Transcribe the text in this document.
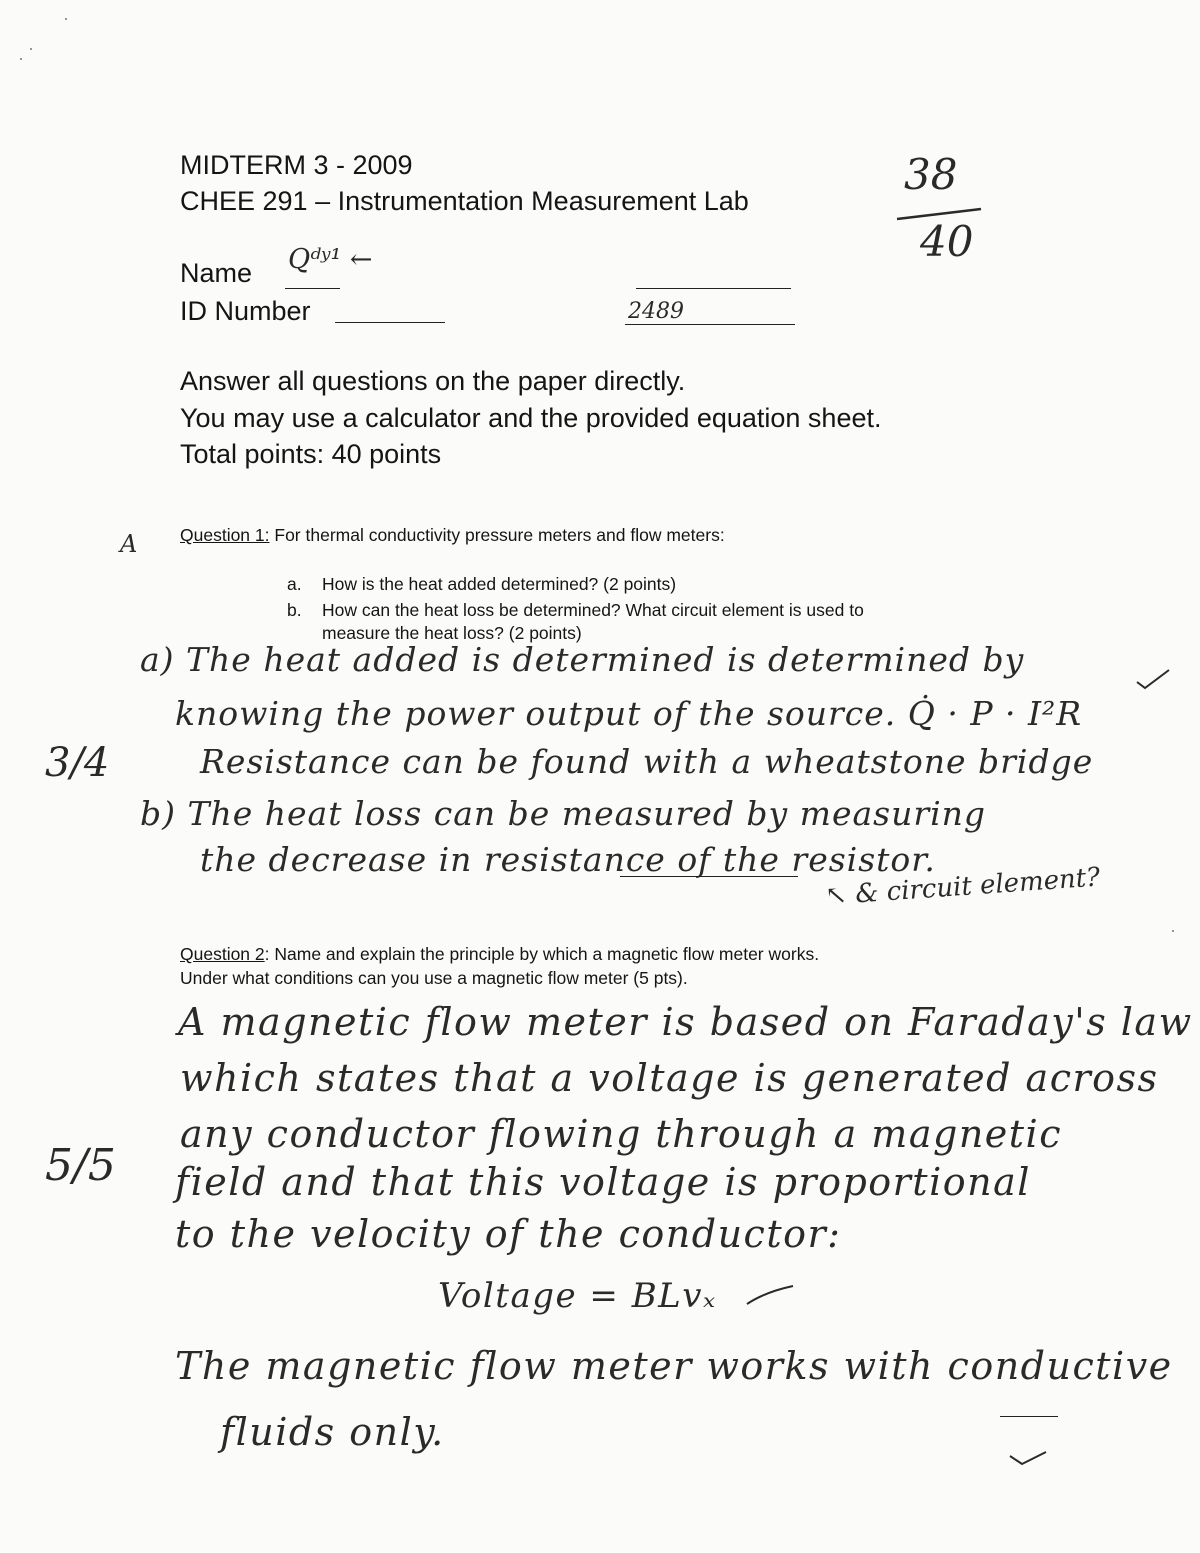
MIDTERM 3 - 2009
CHEE 291 – Instrumentation Measurement Lab
Name Qᵈʸ¹ ←
ID Number	2489
38
40
Answer all questions on the paper directly.
You may use a calculator and the provided equation sheet.
Total points: 40 points
A Question 1: For thermal conductivity pressure meters and flow meters:
a. How is the heat added determined? (2 points)
b. How can the heat loss be determined? What circuit element is used to
measure the heat loss? (2 points)
a) The heat added is determined is determined by
knowing the power output of the source. Q̇ · P · I²R
Resistance can be found with a wheatstone bridge
b) The heat loss can be measured by measuring
the decrease in resistance of the resistor.
↖ & circuit element?
3/4
Question 2: Name and explain the principle by which a magnetic flow meter works.
Under what conditions can you use a magnetic flow meter (5 pts).
A magnetic flow meter is based on Faraday's law
which states that a voltage is generated across
any conductor flowing through a magnetic
field and that this voltage is proportional
to the velocity of the conductor:
Voltage = BLvₓ
The magnetic flow meter works with conductive
fluids only.
5/5
